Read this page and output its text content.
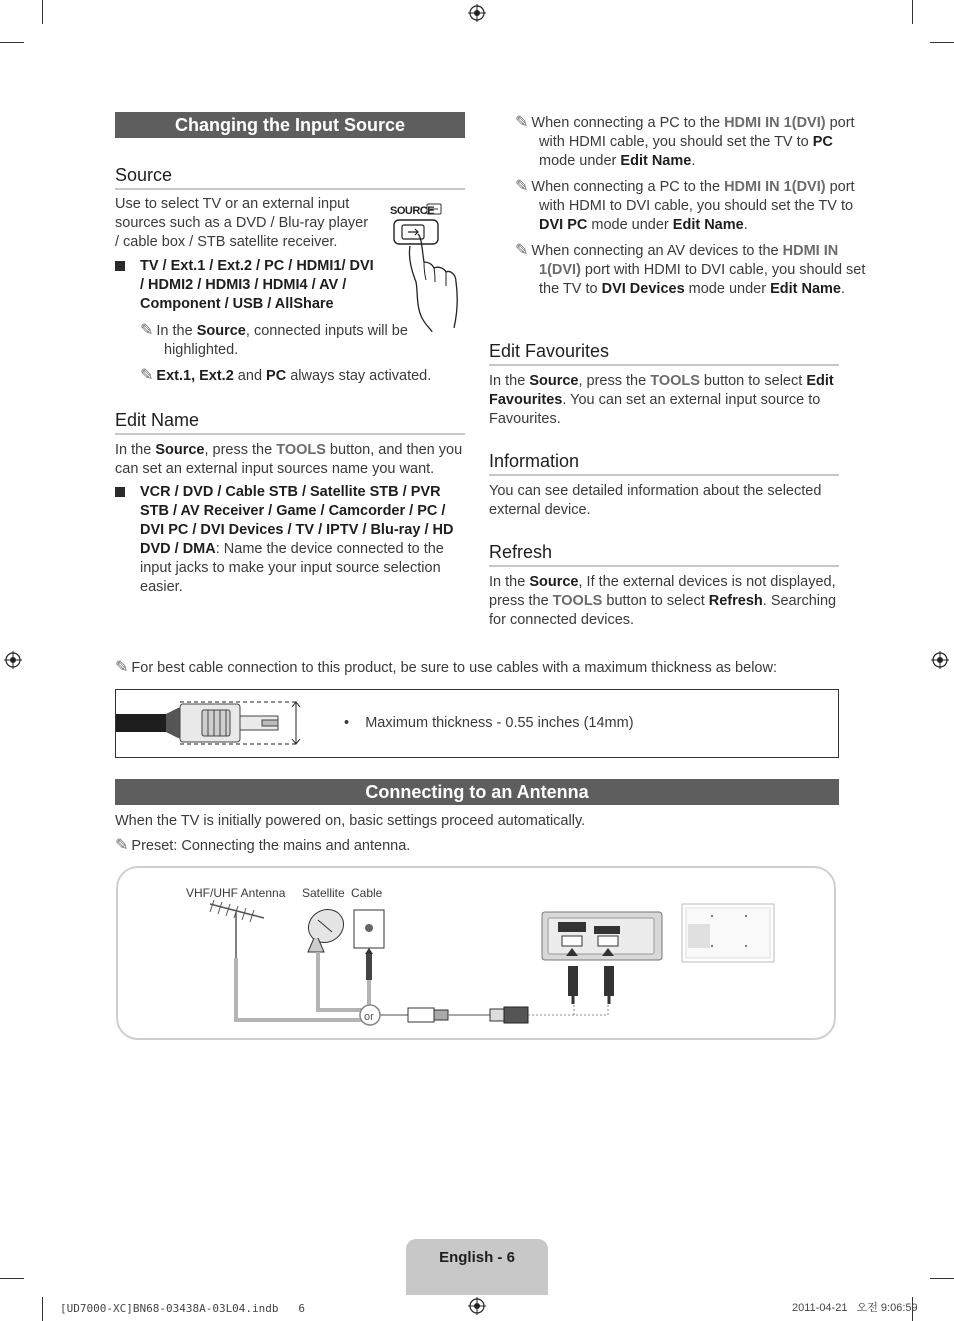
Changing the Input Source
Source
Use to select TV or an external input sources such as a DVD / Blu-ray player / cable box / STB satellite receiver.
SOURCE
TV / Ext.1 / Ext.2 / PC / HDMI1/ DVI / HDMI2 / HDMI3 / HDMI4 / AV / Component / USB / AllShare
✎ In the Source, connected inputs will be highlighted.
✎ Ext.1, Ext.2 and PC always stay activated.
Edit Name
In the Source, press the TOOLS button, and then you can set an external input sources name you want.
VCR / DVD / Cable STB / Satellite STB / PVR STB / AV Receiver / Game / Camcorder / PC / DVI PC / DVI Devices / TV / IPTV / Blu-ray / HD DVD / DMA: Name the device connected to the input jacks to make your input source selection easier.
✎ When connecting a PC to the HDMI IN 1(DVI) port with HDMI cable, you should set the TV to PC mode under Edit Name.
✎ When connecting a PC to the HDMI IN 1(DVI) port with HDMI to DVI cable, you should set the TV to DVI PC mode under Edit Name.
✎ When connecting an AV devices to the HDMI IN 1(DVI) port with HDMI to DVI cable, you should set the TV to DVI Devices mode under Edit Name.
Edit Favourites
In the Source, press the TOOLS button to select Edit Favourites. You can set an external input source to Favourites.
Information
You can see detailed information about the selected external device.
Refresh
In the Source, If the external devices is not displayed, press the TOOLS button to select Refresh. Searching for connected devices.
✎ For best cable connection to this product, be sure to use cables with a maximum thickness as below:
•    Maximum thickness - 0.55 inches (14mm)
Connecting to an Antenna
When the TV is initially powered on, basic settings proceed automatically.
✎ Preset: Connecting the mains and antenna.
VHF/UHF Antenna Satellite Cable
or
English - 6
[UD7000-XC]BN68-03438A-03L04.indb   6	2011-04-21   오전 9:06:59
